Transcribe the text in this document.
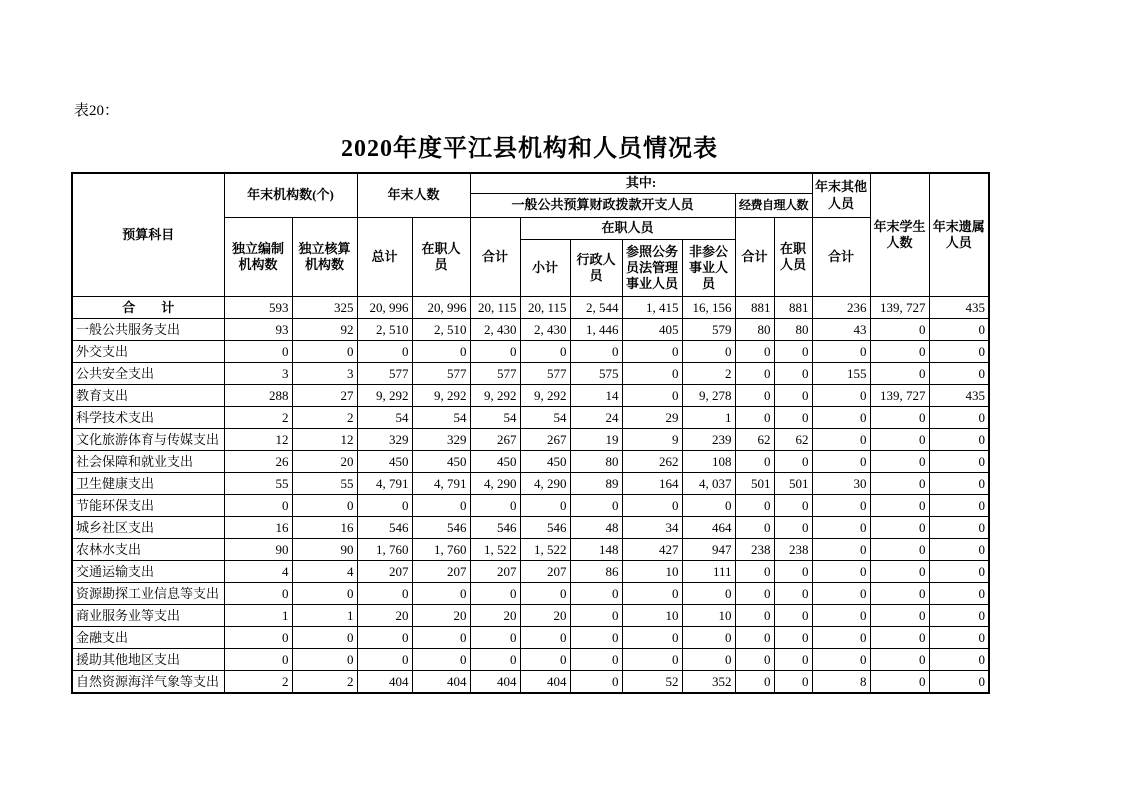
表20：
2020年度平江县机构和人员情况表
预算科目	年末机构数(个)		年末人数		其中:							年末其他人员	年末学生人数	年末遗属人员
					一般公共预算财政拨款开支人员					经费自理人数				
	独立编制机构数	独立核算机构数	总计	在职人员	合计	在职人员				合计	在职人员	合计		
						小计	行政人员	参照公务员法管理事业人员	非参公事业人员					
合　　计	593	325	20, 996	20, 996	20, 115	20, 115	2, 544	1, 415	16, 156	881	881	236	139, 727	435
一般公共服务支出	93	92	2, 510	2, 510	2, 430	2, 430	1, 446	405	579	80	80	43	0	0
外交支出	0	0	0	0	0	0	0	0	0	0	0	0	0	0
公共安全支出	3	3	577	577	577	577	575	0	2	0	0	155	0	0
教育支出	288	27	9, 292	9, 292	9, 292	9, 292	14	0	9, 278	0	0	0	139, 727	435
科学技术支出	2	2	54	54	54	54	24	29	1	0	0	0	0	0
文化旅游体育与传媒支出	12	12	329	329	267	267	19	9	239	62	62	0	0	0
社会保障和就业支出	26	20	450	450	450	450	80	262	108	0	0	0	0	0
卫生健康支出	55	55	4, 791	4, 791	4, 290	4, 290	89	164	4, 037	501	501	30	0	0
节能环保支出	0	0	0	0	0	0	0	0	0	0	0	0	0	0
城乡社区支出	16	16	546	546	546	546	48	34	464	0	0	0	0	0
农林水支出	90	90	1, 760	1, 760	1, 522	1, 522	148	427	947	238	238	0	0	0
交通运输支出	4	4	207	207	207	207	86	10	111	0	0	0	0	0
资源勘探工业信息等支出	0	0	0	0	0	0	0	0	0	0	0	0	0	0
商业服务业等支出	1	1	20	20	20	20	0	10	10	0	0	0	0	0
金融支出	0	0	0	0	0	0	0	0	0	0	0	0	0	0
援助其他地区支出	0	0	0	0	0	0	0	0	0	0	0	0	0	0
自然资源海洋气象等支出	2	2	404	404	404	404	0	52	352	0	0	8	0	0
